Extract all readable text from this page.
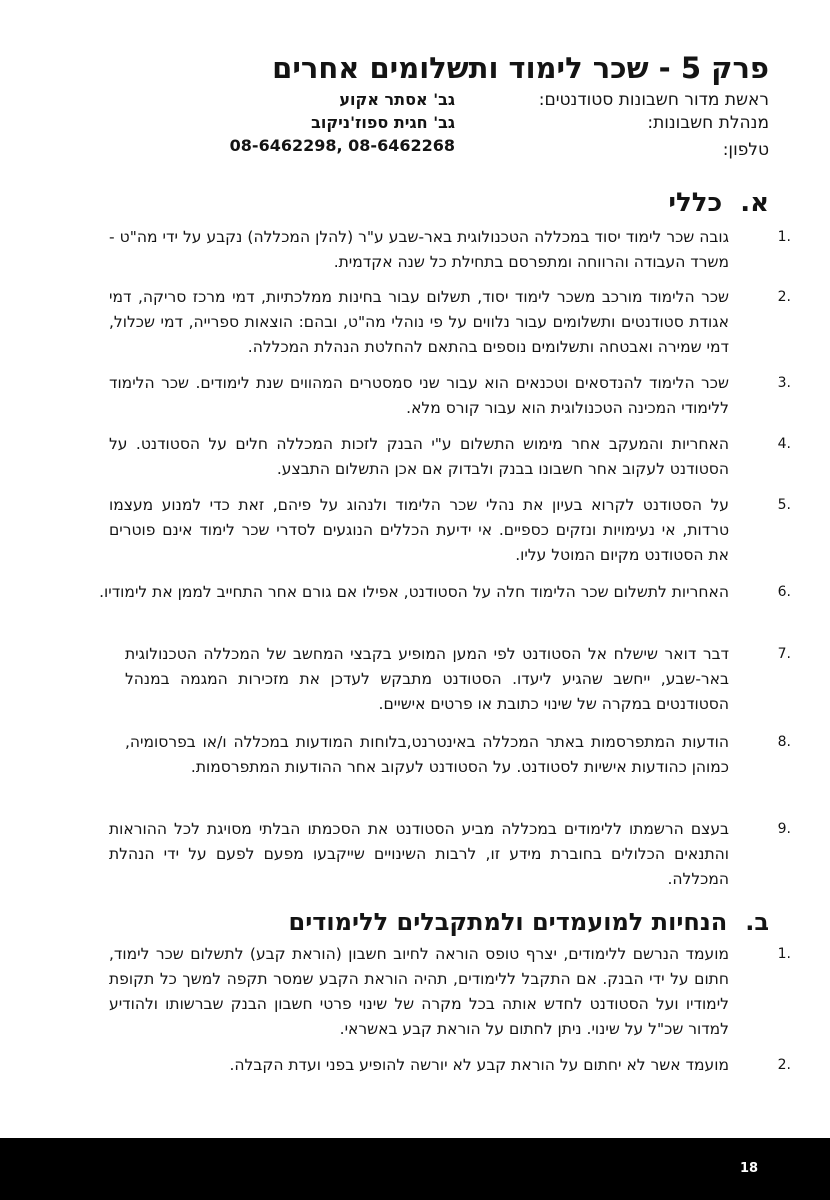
פרק 5 - שכר לימוד ותשלומים אחרים
ראשת מדור חשבונות סטודנטים:
גב' אסתר אקוע
מנהלת חשבונות:
גב' חגית ספוז'ניקוב
טלפון:
08-6462268 ,08-6462298
א.כללי
.1
גובה שכר לימוד יסוד במכללה הטכנולוגית באר-שבע ע"ר (להלן המכללה) נקבע על ידי מה"ט - משרד העבודה והרווחה ומתפרסם בתחילת כל שנה אקדמית.
.2
שכר הלימוד מורכב משכר לימוד יסוד, תשלום עבור בחינות ממלכתיות, דמי מרכז סריקה, דמי אגודת סטודנטים ותשלומים עבור נלווים על פי נוהלי מה"ט, ובהם: הוצאות ספרייה, דמי שכלול, דמי שמירה ואבטחה ותשלומים נוספים בהתאם להחלטת הנהלת המכללה.
.3
שכר הלימוד להנדסאים וטכנאים הוא עבור שני סמסטרים המהווים שנת לימודים. שכר הלימוד ללימודי המכינה הטכנולוגית הוא עבור קורס מלא.
.4
האחריות והמעקב אחר מימוש התשלום ע"י הבנק לזכות המכללה חלים על הסטודנט. על הסטודנט לעקוב אחר חשבונו בבנק ולבדוק אם אכן התשלום התבצע.
.5
על הסטודנט לקרוא בעיון את נהלי שכר הלימוד ולנהוג על פיהם, זאת כדי למנוע מעצמו טרדות, אי נעימויות ונזקים כספיים. אי ידיעת הכללים הנוגעים לסדרי שכר לימוד אינם פוטרים את הסטודנט מקיום המוטל עליו.
.6
האחריות לתשלום שכר הלימוד חלה על הסטודנט, אפילו אם גורם אחר התחייב לממן את לימודיו.
.7
דבר דואר שישלח אל הסטודנט לפי המען המופיע בקבצי המחשב של המכללה הטכנולוגית באר-שבע, ייחשב שהגיע ליעדו. הסטודנט מתבקש לעדכן את מזכירות המגמה במנהל הסטודנטים במקרה של שינוי כתובת או פרטים אישיים.
.8
הודעות המתפרסמות באתר המכללה באינטרנט,בלוחות המודעות במכללה ו/או בפרסומיה, כמוהן כהודעות אישיות לסטודנט. על הסטודנט לעקוב אחר ההודעות המתפרסמות.
.9
בעצם הרשמתו ללימודים במכללה מביע הסטודנט את הסכמתו הבלתי מסויגת לכל ההוראות והתנאים הכלולים בחוברת מידע זו, לרבות השינויים שייקבעו מפעם לפעם על ידי הנהלת המכללה.
ב.הנחיות למועמדים ולמתקבלים ללימודים
.1
מועמד הנרשם ללימודים, יצרף טופס הוראה לחיוב חשבון (הוראת קבע) לתשלום שכר לימוד, חתום על ידי הבנק. אם התקבל ללימודים, תהיה הוראת הקבע שמסר תקפה למשך כל תקופת לימודיו ועל הסטודנט לחדש אותה בכל מקרה של שינוי פרטי חשבון הבנק שברשותו ולהודיע למדור שכ"ל על שינוי. ניתן לחתום על הוראת קבע באשראי.
.2
מועמד אשר לא יחתום על הוראת קבע לא יורשה להופיע בפני ועדת הקבלה.
18
